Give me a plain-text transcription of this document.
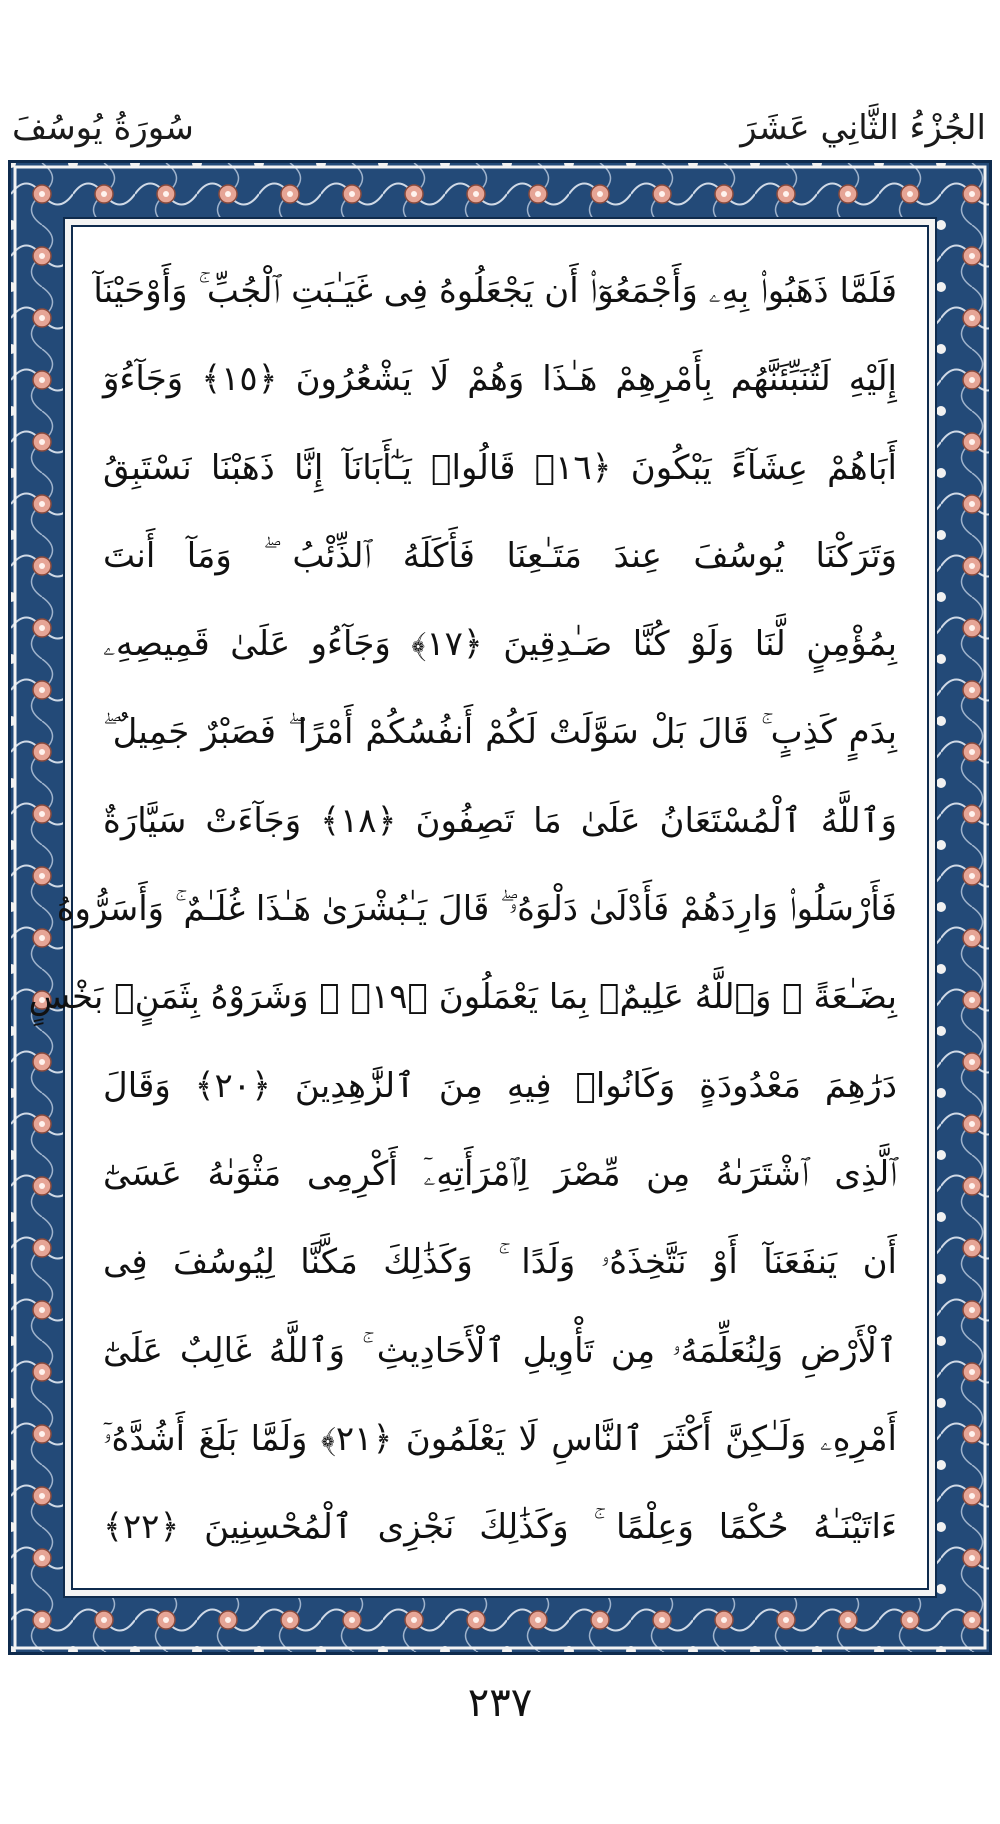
سُورَةُ يُوسُفَ	الجُزْءُ الثَّانِي عَشَرَ
فَلَمَّا ذَهَبُوا۟ بِهِۦ وَأَجْمَعُوٓا۟ أَن يَجْعَلُوهُ فِى غَيَـٰبَتِ ٱلْجُبِّ ۚ وَأَوْحَيْنَآ
إِلَيْهِ لَتُنَبِّئَنَّهُم بِأَمْرِهِمْ هَـٰذَا وَهُمْ لَا يَشْعُرُونَ ﴿١٥﴾ وَجَآءُوٓ
أَبَاهُمْ عِشَآءً يَبْكُونَ ﴿١٦﴾ قَالُوا۟ يَـٰٓأَبَانَآ إِنَّا ذَهَبْنَا نَسْتَبِقُ
وَتَرَكْنَا يُوسُفَ عِندَ مَتَـٰعِنَا فَأَكَلَهُ ٱلذِّئْبُ ۖ وَمَآ أَنتَ
بِمُؤْمِنٍ لَّنَا وَلَوْ كُنَّا صَـٰدِقِينَ ﴿١٧﴾ وَجَآءُو عَلَىٰ قَمِيصِهِۦ
بِدَمٍ كَذِبٍ ۚ قَالَ بَلْ سَوَّلَتْ لَكُمْ أَنفُسُكُمْ أَمْرًا ۖ فَصَبْرٌ جَمِيلٌ ۖ
وَٱللَّهُ ٱلْمُسْتَعَانُ عَلَىٰ مَا تَصِفُونَ ﴿١٨﴾ وَجَآءَتْ سَيَّارَةٌ
فَأَرْسَلُوا۟ وَارِدَهُمْ فَأَدْلَىٰ دَلْوَهُۥ ۖ قَالَ يَـٰبُشْرَىٰ هَـٰذَا غُلَـٰمٌ ۚ وَأَسَرُّوهُ
بِضَـٰعَةً ۚ وَٱللَّهُ عَلِيمٌۢ بِمَا يَعْمَلُونَ ﴿١٩﴾ ۞ وَشَرَوْهُ بِثَمَنٍۭ بَخْسٍ
دَرَٰهِمَ مَعْدُودَةٍ وَكَانُوا۟ فِيهِ مِنَ ٱلزَّٰهِدِينَ ﴿٢٠﴾ وَقَالَ
ٱلَّذِى ٱشْتَرَىٰهُ مِن مِّصْرَ لِٱمْرَأَتِهِۦٓ أَكْرِمِى مَثْوَىٰهُ عَسَىٰٓ
أَن يَنفَعَنَآ أَوْ نَتَّخِذَهُۥ وَلَدًا ۚ وَكَذَٰلِكَ مَكَّنَّا لِيُوسُفَ فِى
ٱلْأَرْضِ وَلِنُعَلِّمَهُۥ مِن تَأْوِيلِ ٱلْأَحَادِيثِ ۚ وَٱللَّهُ غَالِبٌ عَلَىٰٓ
أَمْرِهِۦ وَلَـٰكِنَّ أَكْثَرَ ٱلنَّاسِ لَا يَعْلَمُونَ ﴿٢١﴾ وَلَمَّا بَلَغَ أَشُدَّهُۥٓ
ءَاتَيْنَـٰهُ حُكْمًا وَعِلْمًا ۚ وَكَذَٰلِكَ نَجْزِى ٱلْمُحْسِنِينَ ﴿٢٢﴾
٢٣٧
